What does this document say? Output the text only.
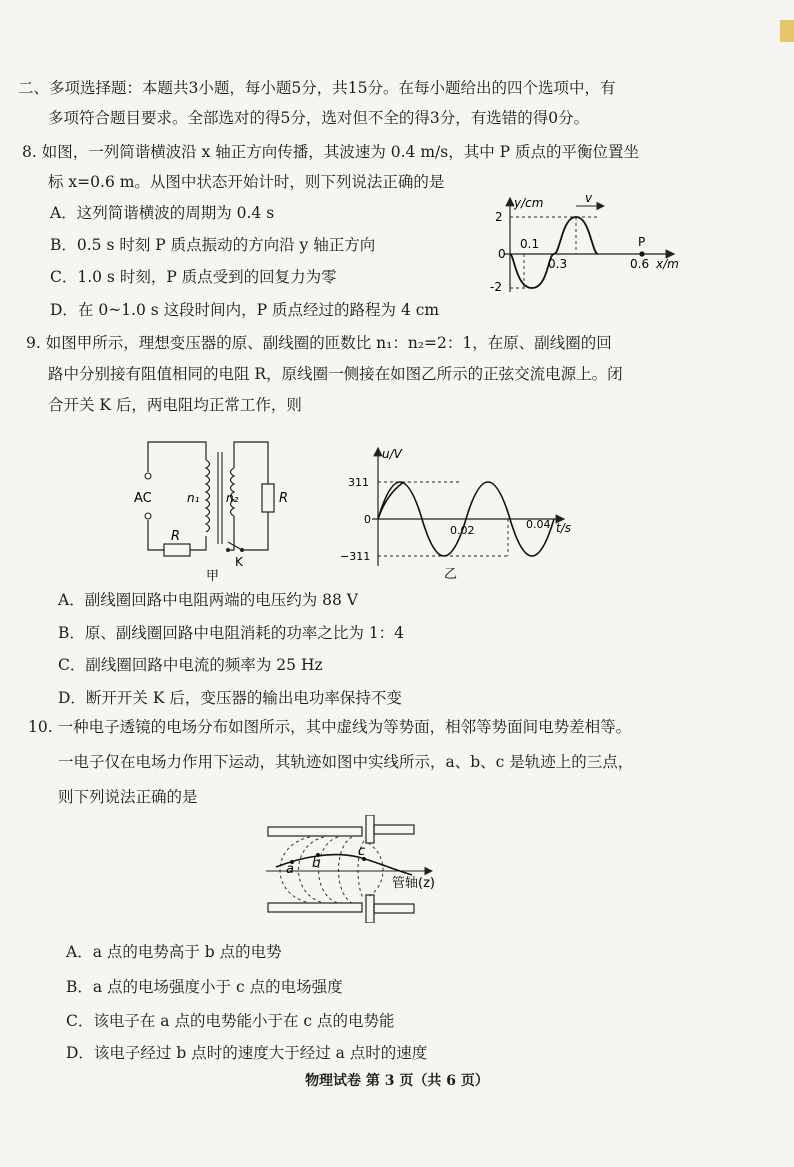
二、多项选择题：本题共3小题，每小题5分，共15分。在每小题给出的四个选项中，有
多项符合题目要求。全部选对的得5分，选对但不全的得3分，有选错的得0分。
8. 如图，一列简谐横波沿 x 轴正方向传播，其波速为 0.4 m/s，其中 P 质点的平衡位置坐
标 x=0.6 m。从图中状态开始计时，则下列说法正确的是
A．这列简谐横波的周期为 0.4 s
B．0.5 s 时刻 P 质点振动的方向沿 y 轴正方向
C．1.0 s 时刻，P 质点受到的回复力为零
D．在 0~1.0 s 这段时间内，P 质点经过的路程为 4 cm
y/cm	v
2
0
-2
0.1
0.3	0.6
P
x/m
9. 如图甲所示，理想变压器的原、副线圈的匝数比 n₁：n₂=2：1，在原、副线圈的回
路中分别接有阻值相同的电阻 R，原线圈一侧接在如图乙所示的正弦交流电源上。闭
合开关 K 后，两电阻均正常工作，则
AC	n₁ n₂
R
R
K
甲
u/V
311
0
−311
0.02	0.04 t/s
乙
A．副线圈回路中电阻两端的电压约为 88 V
B．原、副线圈回路中电阻消耗的功率之比为 1：4
C．副线圈回路中电流的频率为 25 Hz
D．断开开关 K 后，变压器的输出电功率保持不变
10. 一种电子透镜的电场分布如图所示，其中虚线为等势面，相邻等势面间电势差相等。
一电子仅在电场力作用下运动，其轨迹如图中实线所示，a、b、c 是轨迹上的三点，
则下列说法正确的是
a b
c
管轴(z)
A．a 点的电势高于 b 点的电势
B．a 点的电场强度小于 c 点的电场强度
C．该电子在 a 点的电势能小于在 c 点的电势能
D．该电子经过 b 点时的速度大于经过 a 点时的速度
物理试卷 第 3 页（共 6 页）
